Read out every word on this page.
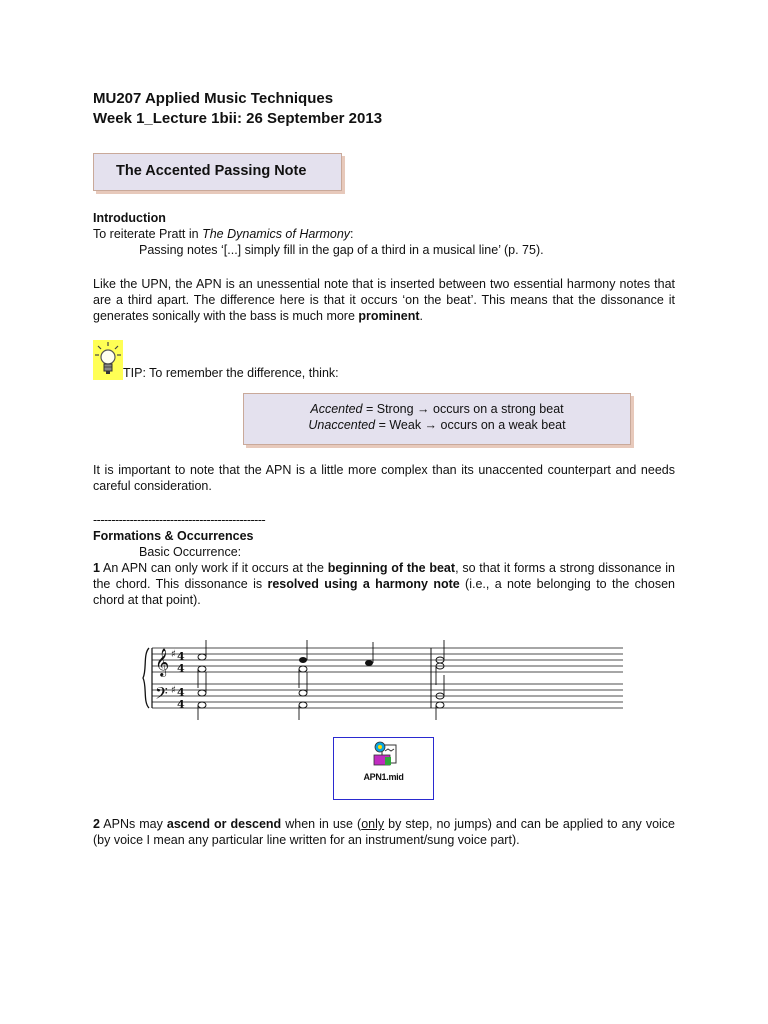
MU207 Applied Music Techniques
Week 1_Lecture 1bii: 26 September 2013
The Accented Passing Note
Introduction
To reiterate Pratt in The Dynamics of Harmony:
Passing notes ‘[...] simply fill in the gap of a third in a musical line’ (p. 75).
Like the UPN, the APN is an unessential note that is inserted between two essential harmony notes that are a third apart. The difference here is that it occurs ‘on the beat’. This means that the dissonance it generates sonically with the bass is much more prominent.
TIP: To remember the difference, think:
Accented = Strong → occurs on a strong beat
Unaccented = Weak → occurs on a weak beat
It is important to note that the APN is a little more complex than its unaccented counterpart and needs careful consideration.
-----------------------------------------------
Formations & Occurrences
Basic Occurrence:
1 An APN can only work if it occurs at the beginning of the beat, so that it forms a strong dissonance in the chord. This dissonance is resolved using a harmony note (i.e., a note belonging to the chosen chord at that point).
𝄞
𝄢
♯
♯
4
4
4
4
APN1.mid
2 APNs may ascend or descend when in use (only by step, no jumps) and can be applied to any voice (by voice I mean any particular line written for an instrument/sung voice part).
